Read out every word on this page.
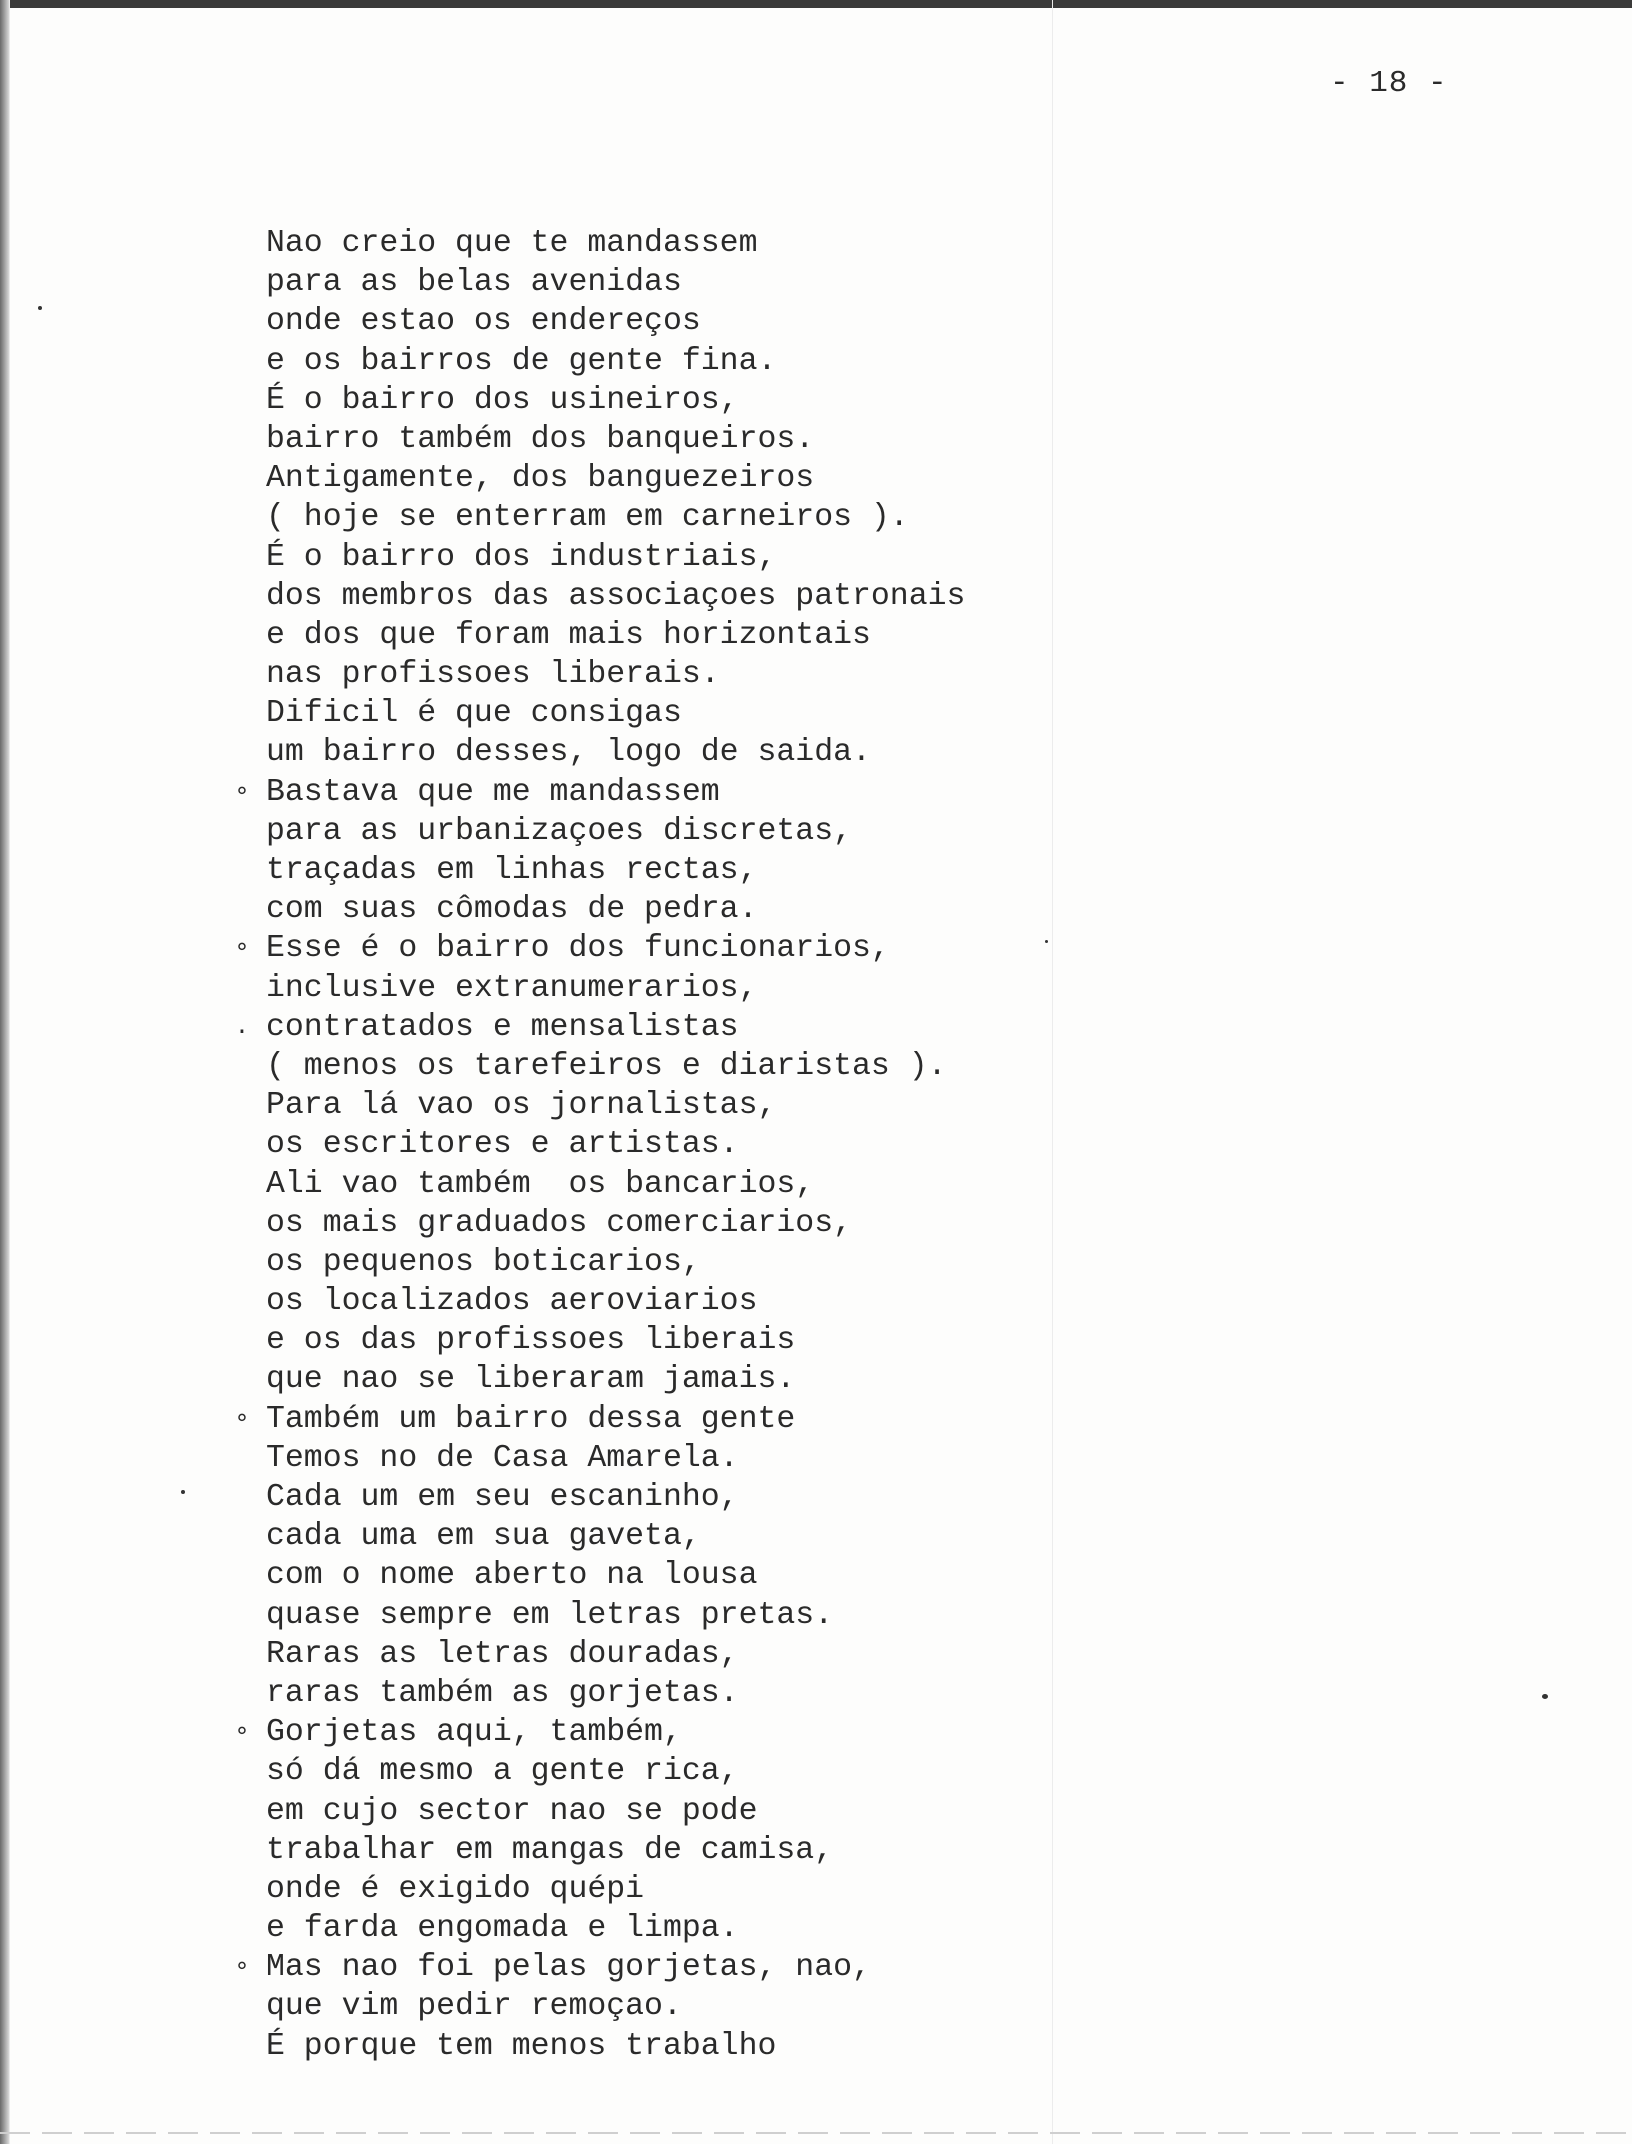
- 18 -
Nao creio que te mandassem
para as belas avenidas
onde estao os endereços
e os bairros de gente fina.
É o bairro dos usineiros,
bairro também dos banqueiros.
Antigamente, dos banguezeiros
( hoje se enterram em carneiros ).
É o bairro dos industriais,
dos membros das associaçoes patronais
e dos que foram mais horizontais
nas profissoes liberais.
Dificil é que consigas
um bairro desses, logo de saida.
∘ Bastava que me mandassem
para as urbanizaçoes discretas,
traçadas em linhas rectas,
com suas cômodas de pedra.
∘ Esse é o bairro dos funcionarios,
inclusive extranumerarios,
. contratados e mensalistas
( menos os tarefeiros e diaristas ).
Para lá vao os jornalistas,
os escritores e artistas.
Ali vao também  os bancarios,
os mais graduados comerciarios,
os pequenos boticarios,
os localizados aeroviarios
e os das profissoes liberais
que nao se liberaram jamais.
∘ Também um bairro dessa gente
Temos no de Casa Amarela.
Cada um em seu escaninho,
cada uma em sua gaveta,
com o nome aberto na lousa
quase sempre em letras pretas.
Raras as letras douradas,
raras também as gorjetas.
∘ Gorjetas aqui, também,
só dá mesmo a gente rica,
em cujo sector nao se pode
trabalhar em mangas de camisa,
onde é exigido quépi
e farda engomada e limpa.
∘ Mas nao foi pelas gorjetas, nao,
que vim pedir remoçao.
É porque tem menos trabalho
